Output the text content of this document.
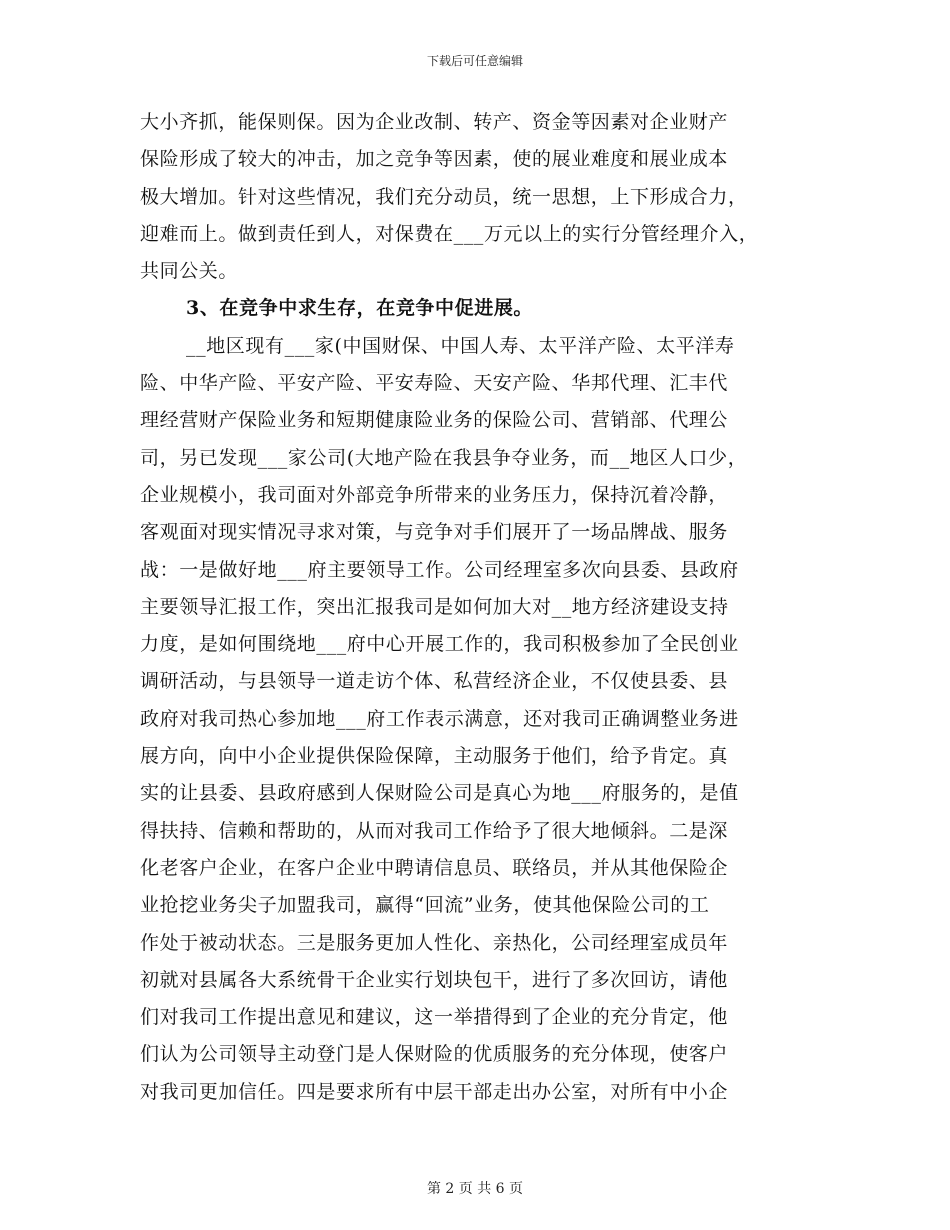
下载后可任意编辑
大小齐抓，能保则保。因为企业改制、转产、资金等因素对企业财产
保险形成了较大的冲击，加之竞争等因素，使的展业难度和展业成本
极大增加。针对这些情况，我们充分动员，统一思想，上下形成合力，
迎难而上。做到责任到人，对保费在___万元以上的实行分管经理介入，
共同公关。
3、在竞争中求生存，在竞争中促进展。
__地区现有___家(中国财保、中国人寿、太平洋产险、太平洋寿
险、中华产险、平安产险、平安寿险、天安产险、华邦代理、汇丰代
理经营财产保险业务和短期健康险业务的保险公司、营销部、代理公
司，另已发现___家公司(大地产险在我县争夺业务，而__地区人口少，
企业规模小，我司面对外部竞争所带来的业务压力，保持沉着冷静，
客观面对现实情况寻求对策，与竞争对手们展开了一场品牌战、服务
战：一是做好地___府主要领导工作。公司经理室多次向县委、县政府
主要领导汇报工作，突出汇报我司是如何加大对__地方经济建设支持
力度，是如何围绕地___府中心开展工作的，我司积极参加了全民创业
调研活动，与县领导一道走访个体、私营经济企业，不仅使县委、县
政府对我司热心参加地___府工作表示满意，还对我司正确调整业务进
展方向，向中小企业提供保险保障，主动服务于他们，给予肯定。真
实的让县委、县政府感到人保财险公司是真心为地___府服务的，是值
得扶持、信赖和帮助的，从而对我司工作给予了很大地倾斜。二是深
化老客户企业，在客户企业中聘请信息员、联络员，并从其他保险企
业抢挖业务尖子加盟我司，赢得“回流”业务，使其他保险公司的工
作处于被动状态。三是服务更加人性化、亲热化，公司经理室成员年
初就对县属各大系统骨干企业实行划块包干，进行了多次回访，请他
们对我司工作提出意见和建议，这一举措得到了企业的充分肯定，他
们认为公司领导主动登门是人保财险的优质服务的充分体现，使客户
对我司更加信任。四是要求所有中层干部走出办公室，对所有中小企
第 2 页 共 6 页
